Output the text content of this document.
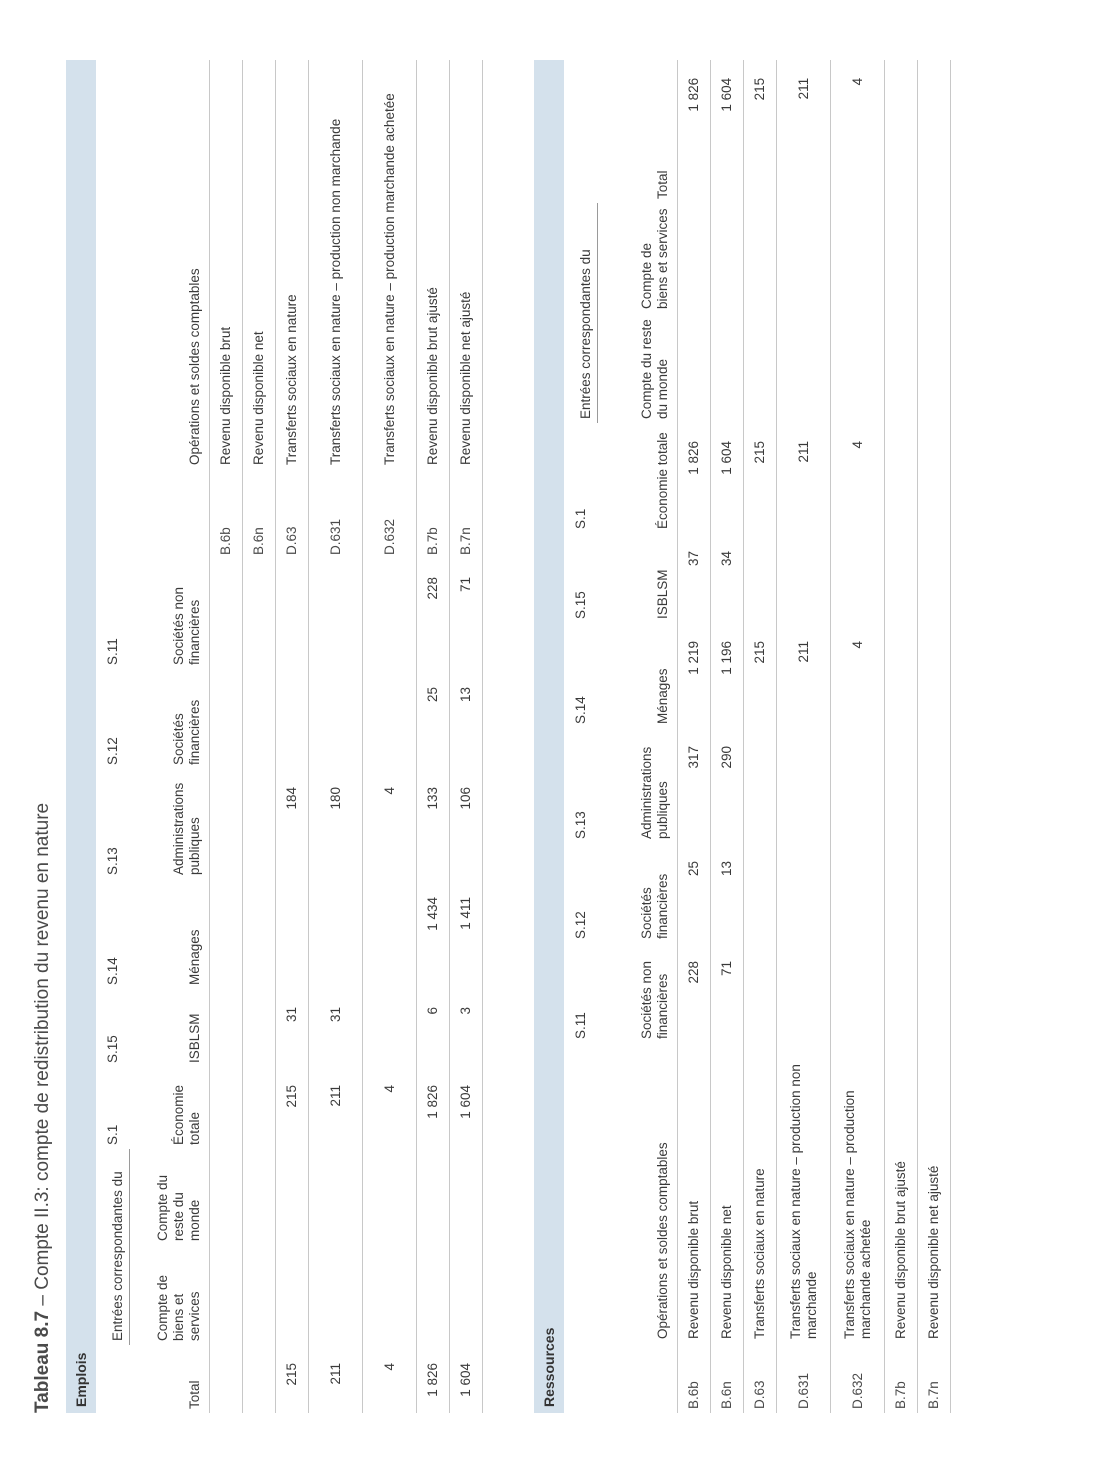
Tableau 8.7 – Compte II.3: compte de redistribution du revenu en nature
Emplois										
	Entrées correspondantes du		S.1	S.15	S.14	S.13	S.12	S.11		
Total	Compte de biens et services	Compte du reste du monde	Économie totale	ISBLSM	Ménages	Administrations publiques	Sociétés financières	Sociétés non financières		Opérations et soldes comptables
									B.6b	Revenu disponible brut
									B.6n	Revenu disponible net
215			215	31		184			D.63	Transferts sociaux en nature
211			211	31		180			D.631	Transferts sociaux en nature – production non marchande
4			4			4			D.632	Transferts sociaux en nature – production marchande achetée
1 826			1 826	6	1 434	133	25	228	B.7b	Revenu disponible brut ajusté
1 604			1 604	3	1 411	106	13	71	B.7n	Revenu disponible net ajusté
Ressources										
		S.11	S.12	S.13	S.14	S.15	S.1	Entrées correspondantes du		
	Opérations et soldes comptables	Sociétés non financières	Sociétés financières	Administrations publiques	Ménages	ISBLSM	Économie totale	Compte du reste du monde	Compte de biens et services	Total
B.6b	Revenu disponible brut	228	25	317	1 219	37	1 826			1 826
B.6n	Revenu disponible net	71	13	290	1 196	34	1 604			1 604
D.63	Transferts sociaux en nature				215		215			215
D.631	Transferts sociaux en nature – production non marchande				211		211			211
D.632	Transferts sociaux en nature – production marchande achetée				4		4			4
B.7b	Revenu disponible brut ajusté									
B.7n	Revenu disponible net ajusté									
